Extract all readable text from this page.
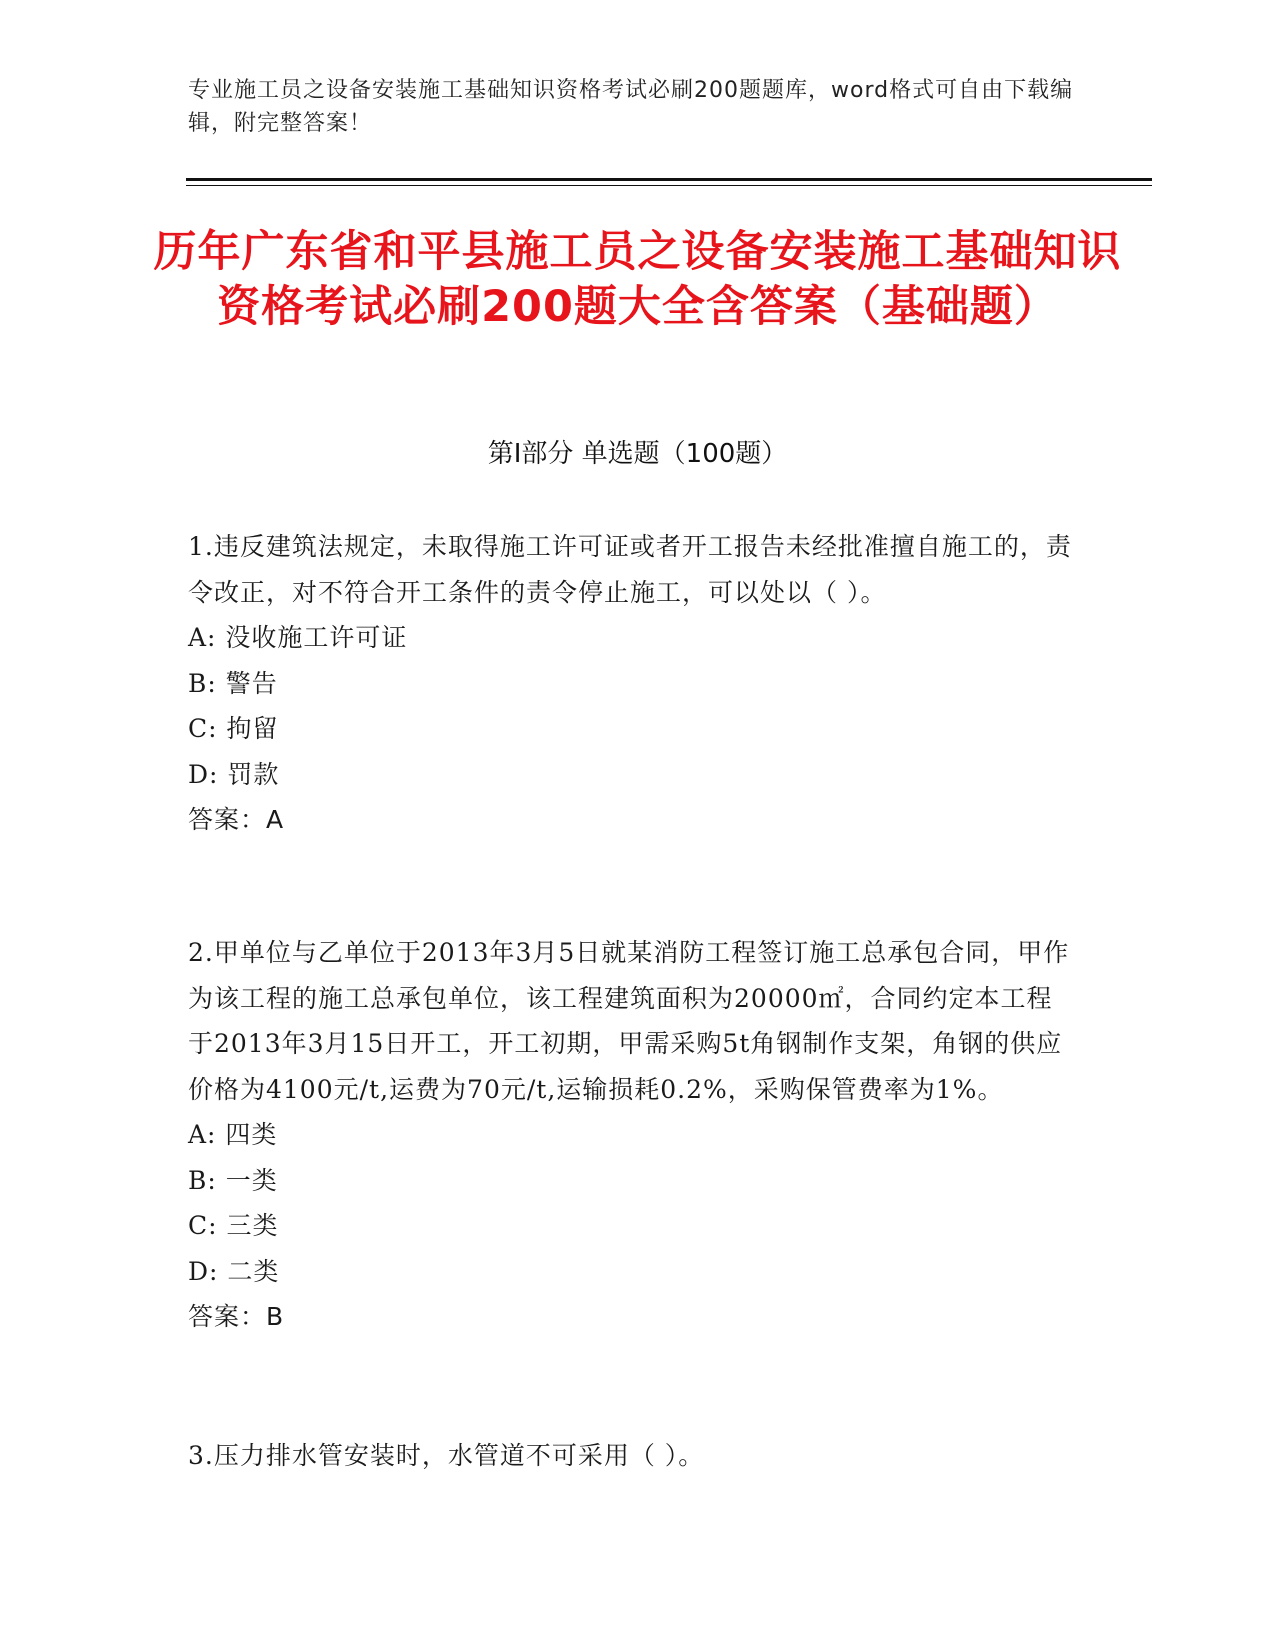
专业施工员之设备安装施工基础知识资格考试必刷200题题库，word格式可自由下载编辑，附完整答案！
历年广东省和平县施工员之设备安装施工基础知识资格考试必刷200题大全含答案（基础题）
第Ⅰ部分 单选题（100题）

1.违反建筑法规定，未取得施工许可证或者开工报告未经批准擅自施工的，责令改正，对不符合开工条件的责令停止施工，可以处以（ ）。

A: 没收施工许可证

B: 警告

C: 拘留

D: 罚款

答案：A

2.甲单位与乙单位于2013年3月5日就某消防工程签订施工总承包合同，甲作为该工程的施工总承包单位，该工程建筑面积为20000㎡，合同约定本工程于2013年3月15日开工，开工初期，甲需采购5t角钢制作支架，角钢的供应价格为4100元/t,运费为70元/t,运输损耗0.2%，采购保管费率为1%。

A: 四类

B: 一类

C: 三类

D: 二类

答案：B

3.压力排水管安装时，水管道不可采用（ ）。
